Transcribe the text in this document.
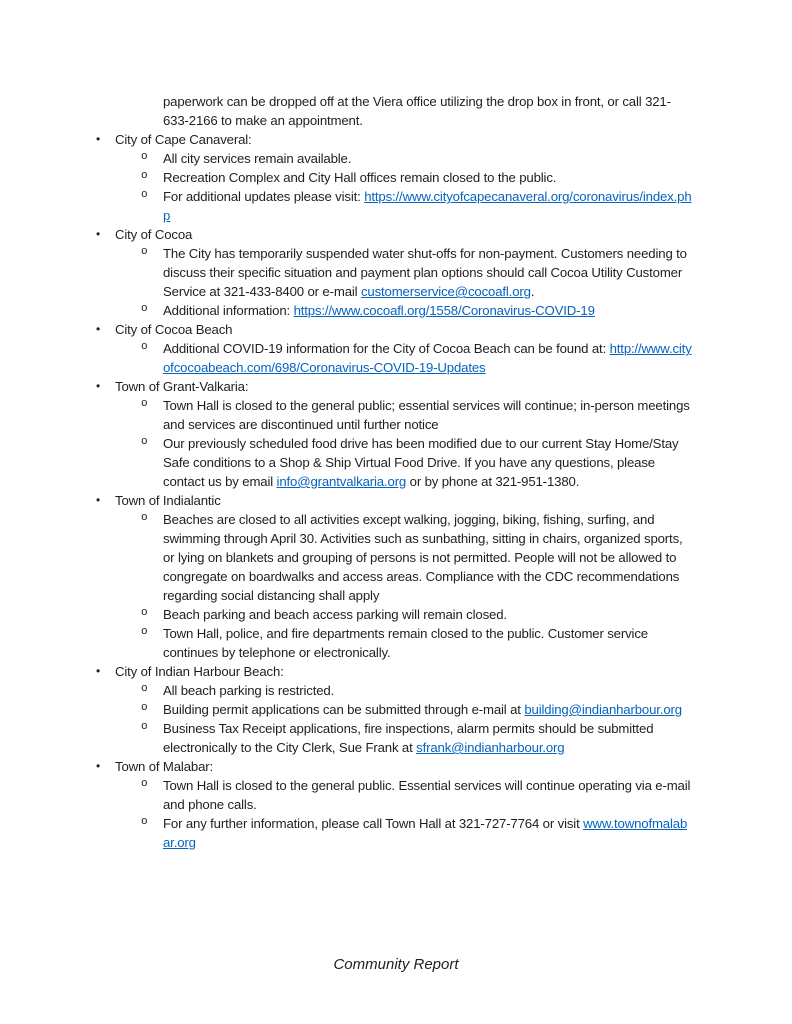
paperwork can be dropped off at the Viera office utilizing the drop box in front, or call 321-633-2166 to make an appointment.

• City of Cape Canaveral:
o All city services remain available.
o Recreation Complex and City Hall offices remain closed to the public.
o For additional updates please visit: https://www.cityofcapecanaveral.org/coronavirus/index.php
• City of Cocoa
o The City has temporarily suspended water shut-offs for non-payment. Customers needing to discuss their specific situation and payment plan options should call Cocoa Utility Customer Service at 321-433-8400 or e-mail customerservice@cocoafl.org.
o Additional information: https://www.cocoafl.org/1558/Coronavirus-COVID-19
• City of Cocoa Beach
o Additional COVID-19 information for the City of Cocoa Beach can be found at: http://www.cityofcocoabeach.com/698/Coronavirus-COVID-19-Updates
• Town of Grant-Valkaria:
o Town Hall is closed to the general public; essential services will continue; in-person meetings and services are discontinued until further notice
o Our previously scheduled food drive has been modified due to our current Stay Home/Stay Safe conditions to a Shop & Ship Virtual Food Drive. If you have any questions, please contact us by email info@grantvalkaria.org or by phone at 321-951-1380.
• Town of Indialantic
o Beaches are closed to all activities except walking, jogging, biking, fishing, surfing, and swimming through April 30. Activities such as sunbathing, sitting in chairs, organized sports, or lying on blankets and grouping of persons is not permitted. People will not be allowed to congregate on boardwalks and access areas. Compliance with the CDC recommendations regarding social distancing shall apply
o Beach parking and beach access parking will remain closed.
o Town Hall, police, and fire departments remain closed to the public. Customer service continues by telephone or electronically.
• City of Indian Harbour Beach:
o All beach parking is restricted.
o Building permit applications can be submitted through e-mail at building@indianharbour.org
o Business Tax Receipt applications, fire inspections, alarm permits should be submitted electronically to the City Clerk, Sue Frank at sfrank@indianharbour.org
• Town of Malabar:
o Town Hall is closed to the general public. Essential services will continue operating via e-mail and phone calls.
o For any further information, please call Town Hall at 321-727-7764 or visit www.townofmalabar.org
Community Report
